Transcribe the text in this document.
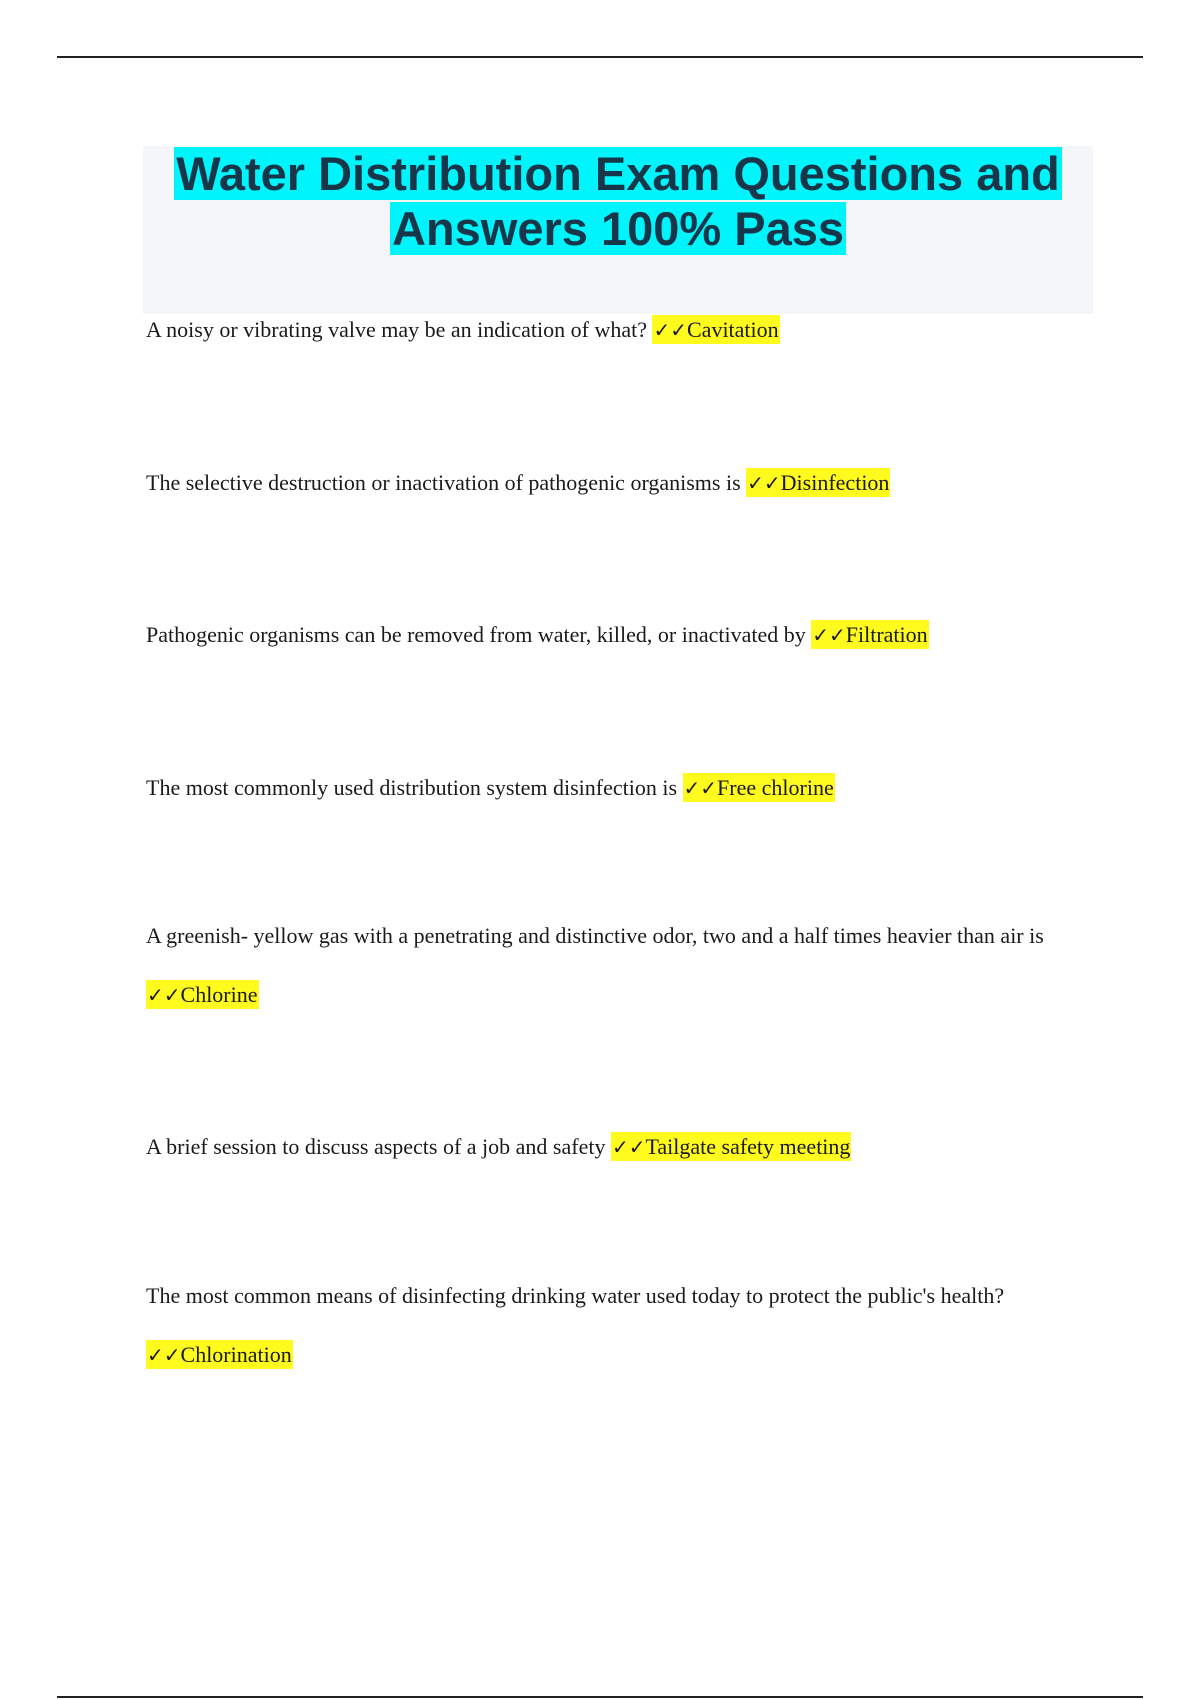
Water Distribution Exam Questions and
Answers 100% Pass

A noisy or vibrating valve may be an indication of what? ✓✓Cavitation

The selective destruction or inactivation of pathogenic organisms is ✓✓Disinfection

Pathogenic organisms can be removed from water, killed, or inactivated by ✓✓Filtration

The most commonly used distribution system disinfection is ✓✓Free chlorine

A greenish- yellow gas with a penetrating and distinctive odor, two and a half times heavier than air is ✓✓Chlorine

A brief session to discuss aspects of a job and safety ✓✓Tailgate safety meeting

The most common means of disinfecting drinking water used today to protect the public's health? ✓✓Chlorination
